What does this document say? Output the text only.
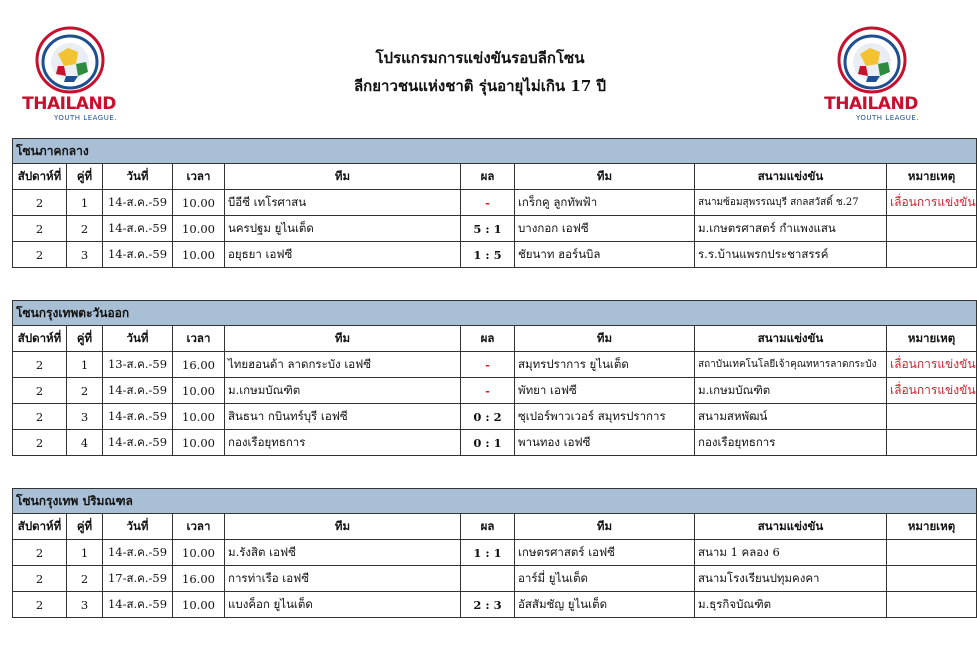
THAILAND
YOUTH LEAGUE.
THAILAND
YOUTH LEAGUE.
โปรแกรมการแข่งขันรอบลีกโซน
ลีกยาวชนแห่งชาติ รุ่นอายุไม่เกิน 17 ปี
โซนภาคกลาง								
สัปดาห์ที่	คู่ที่	วันที่	เวลา	ทีม	ผล	ทีม	สนามแข่งขัน	หมายเหตุ
2	1	14-ส.ค.-59	10.00	บีอีซี เทโรศาสน	-	เกร็กคู ลูกทัพฟ้า	สนามซ้อมสุพรรณบุรี สกลสวัสดิ์ ช.27	เลื่อนการแข่งขัน
2	2	14-ส.ค.-59	10.00	นครปฐม ยูไนเต็ด	5 : 1	บางกอก เอฟซี	ม.เกษตรศาสตร์ กำแพงแสน	
2	3	14-ส.ค.-59	10.00	อยุธยา เอฟซี	1 : 5	ชัยนาท ฮอร์นบิล	ร.ร.บ้านแพรกประชาสรรค์	
โซนกรุงเทพตะวันออก								
สัปดาห์ที่	คู่ที่	วันที่	เวลา	ทีม	ผล	ทีม	สนามแข่งขัน	หมายเหตุ
2	1	13-ส.ค.-59	16.00	ไทยฮอนด้า ลาดกระบัง เอฟซี	-	สมุทรปราการ ยูไนเต็ด	สถาบันเทคโนโลยีเจ้าคุณทหารลาดกระบัง	เลื่อนการแข่งขัน
2	2	14-ส.ค.-59	10.00	ม.เกษมบัณฑิต	-	พัทยา เอฟซี	ม.เกษมบัณฑิต	เลื่อนการแข่งขัน
2	3	14-ส.ค.-59	10.00	สินธนา กบินทร์บุรี เอฟซี	0 : 2	ซุเปอร์พาวเวอร์ สมุทรปราการ	สนามสหพัฒน์	
2	4	14-ส.ค.-59	10.00	กองเรือยุทธการ	0 : 1	พานทอง เอฟซี	กองเรือยุทธการ	
โซนกรุงเทพ ปริมณฑล								
สัปดาห์ที่	คู่ที่	วันที่	เวลา	ทีม	ผล	ทีม	สนามแข่งขัน	หมายเหตุ
2	1	14-ส.ค.-59	10.00	ม.รังสิต เอฟซี	1 : 1	เกษตรศาสตร์ เอฟซี	สนาม 1 คลอง 6	
2	2	17-ส.ค.-59	16.00	การท่าเรือ เอฟซี		อาร์มี่ ยูไนเต็ด	สนามโรงเรียนปทุมคงคา	
2	3	14-ส.ค.-59	10.00	แบงค็อก ยูไนเต็ด	2 : 3	อัสสัมชัญ ยูไนเต็ด	ม.ธุรกิจบัณฑิต	
